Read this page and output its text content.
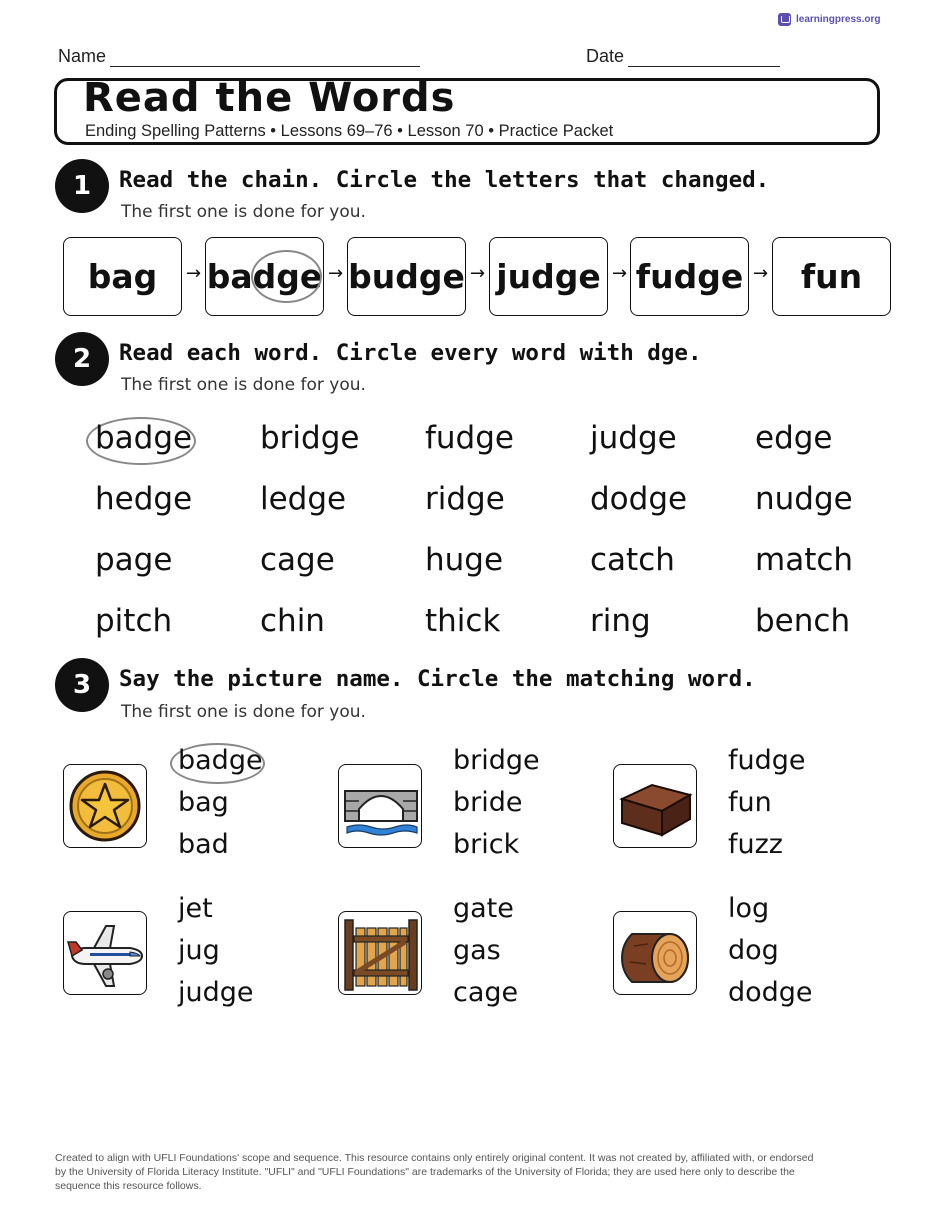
learningpress.org
Name	Date
Read the Words
Ending Spelling Patterns • Lessons 69–76 • Lesson 70 • Practice Packet
1	Read the chain. Circle the letters that changed.
The first one is done for you.
bag → badge → budge → judge → fudge → fun
2	Read each word. Circle every word with dge.
The first one is done for you.
badge bridge fudge judge	edge
hedge ledge	ridge	dodge nudge
page	cage	huge	catch	match
pitch	chin	thick	ring	bench
3	Say the picture name. Circle the matching word.
The first one is done for you.
badge
bag
bad
bridge
bride
brick
fudge
fun
fuzz
jet
jug
judge
gate
gas
cage
log
dog
dodge
Created to align with UFLI Foundations' scope and sequence. This resource contains only entirely original content. It was not created by, affiliated with, or endorsed
by the University of Florida Literacy Institute. "UFLI" and "UFLI Foundations" are trademarks of the University of Florida; they are used here only to describe the
sequence this resource follows.
